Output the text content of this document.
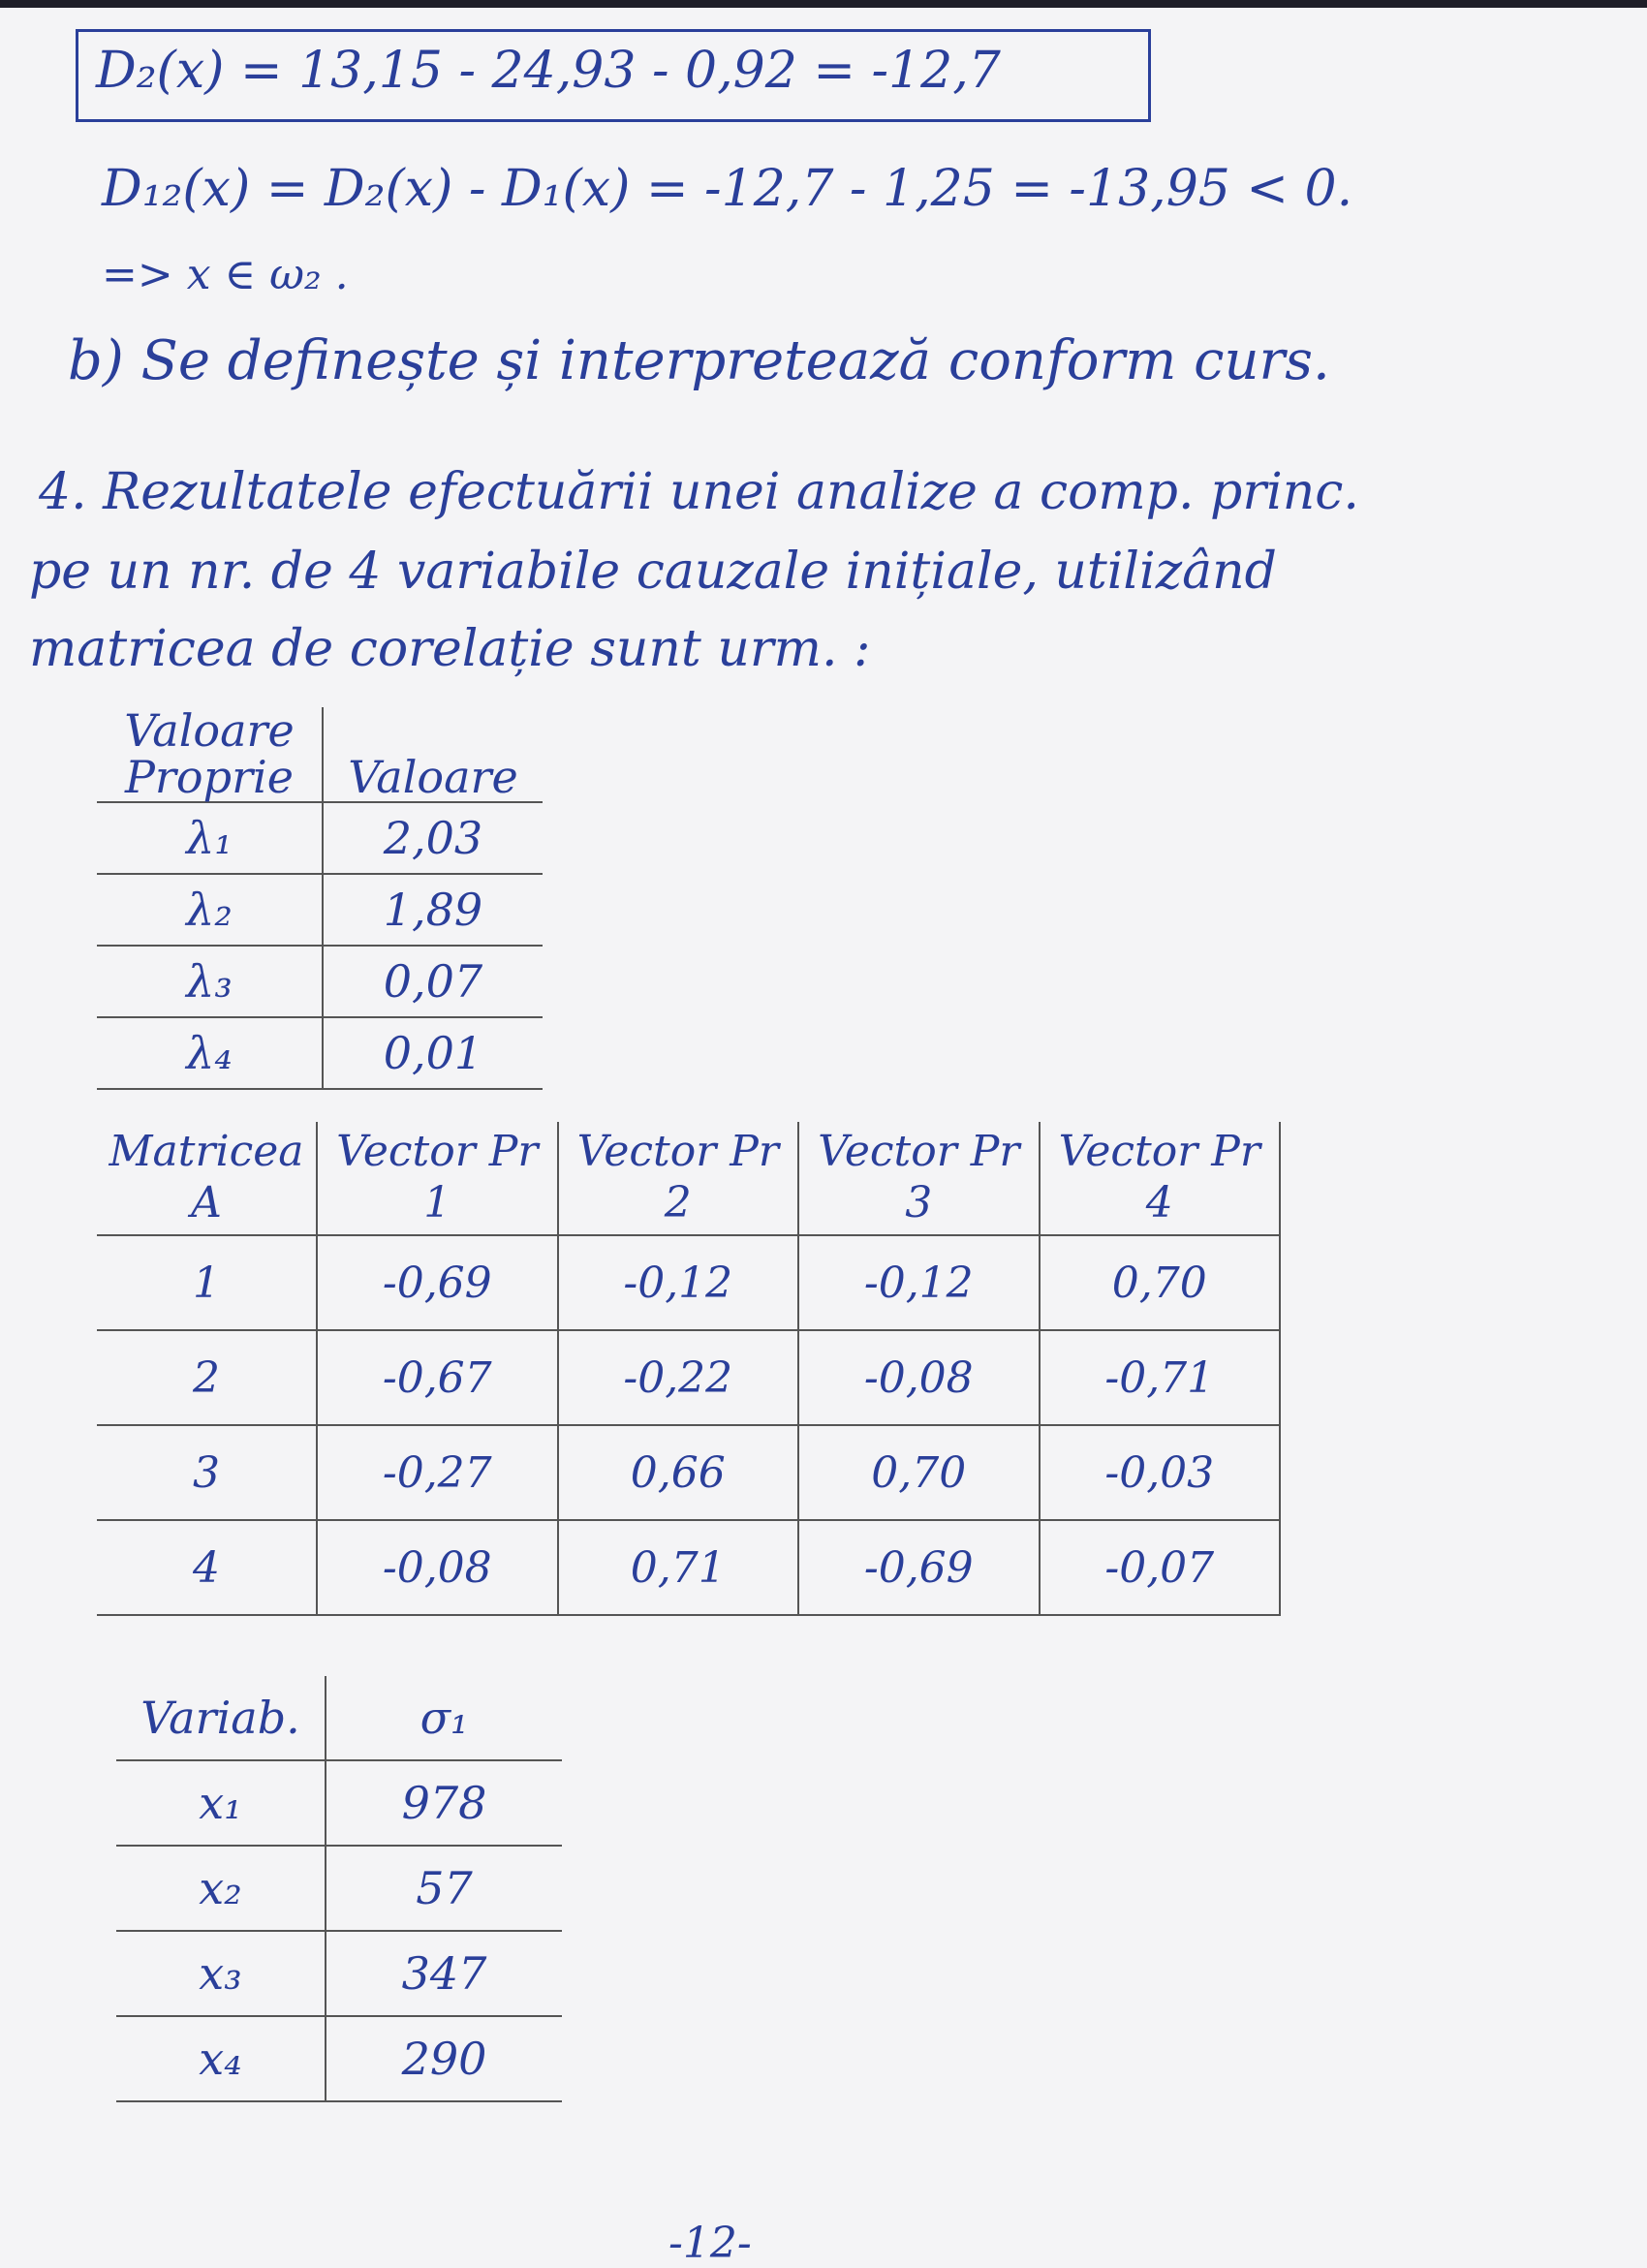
D₂(x) = 13,15 - 24,93 - 0,92 = -12,7
D₁₂(x) = D₂(x) - D₁(x) = -12,7 - 1,25 = -13,95 < 0.
=> x ∈ ω₂ .
b) Se definește și interpretează conform curs.
4. Rezultatele efectuării unei analize a comp. princ.
pe un nr. de 4 variabile cauzale inițiale, utilizând
matricea de corelație sunt urm. :
Valoare Proprie	Valoare
λ₁	2,03
λ₂	1,89
λ₃	0,07
λ₄	0,01
Matricea A	Vector Pr 1	Vector Pr 2	Vector Pr 3	Vector Pr 4
1	-0,69	-0,12	-0,12	0,70
2	-0,67	-0,22	-0,08	-0,71
3	-0,27	0,66	0,70	-0,03
4	-0,08	0,71	-0,69	-0,07
Variab.	σ₁
x₁	978
x₂	57
x₃	347
x₄	290
-12-
